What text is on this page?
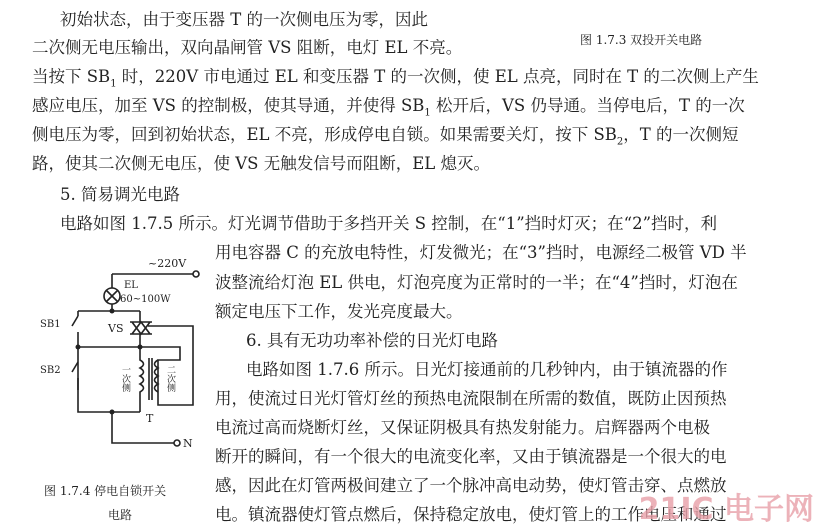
初始状态，由于变压器 T 的一次侧电压为零，因此
图 1.7.3 双投开关电路
二次侧无电压输出，双向晶闸管 VS 阻断，电灯 EL 不亮。
当按下 $SB_1$ 时，220V 市电通过 EL 和变压器 T 的一次侧，使 EL 点亮，同时在 T 的二次侧上产生
感应电压，加至 VS 的控制极，使其导通，并使得 $SB_1$ 松开后，VS 仍导通。当停电后，T 的一次
侧电压为零，回到初始状态，EL 不亮，形成停电自锁。如果需要关灯，按下 $SB_2$，T 的一次侧短
路，使其二次侧无电压，使 VS 无触发信号而阻断，EL 熄灭。
5. 简易调光电路
电路如图 1.7.5 所示。灯光调节借助于多挡开关 S 控制，在“1”挡时灯灭；在“2”挡时，利
用电容器 C 的充放电特性，灯发微光；在“3”挡时，电源经二极管 VD 半
波整流给灯泡 EL 供电，灯泡亮度为正常时的一半；在“4”挡时，灯泡在
额定电压下工作，发光亮度最大。
6. 具有无功功率补偿的日光灯电路
电路如图 1.7.6 所示。日光灯接通前的几秒钟内，由于镇流器的作
用，使流过日光灯管灯丝的预热电流限制在所需的数值，既防止因预热
电流过高而烧断灯丝，又保证阴极具有热发射能力。启辉器两个电极
断开的瞬间，有一个很大的电流变化率，又由于镇流器是一个很大的电
感，因此在灯管两极间建立了一个脉冲高电动势，使灯管击穿、点燃放
电。镇流器使灯管点燃后，保持稳定放电，使灯管上的工作电压和通过
~220V
EL
60~100W
SB1
SB2
VS
一次侧	二次侧
T
N
图 1.7.4 停电自锁开关
电路	21IC 电子网
